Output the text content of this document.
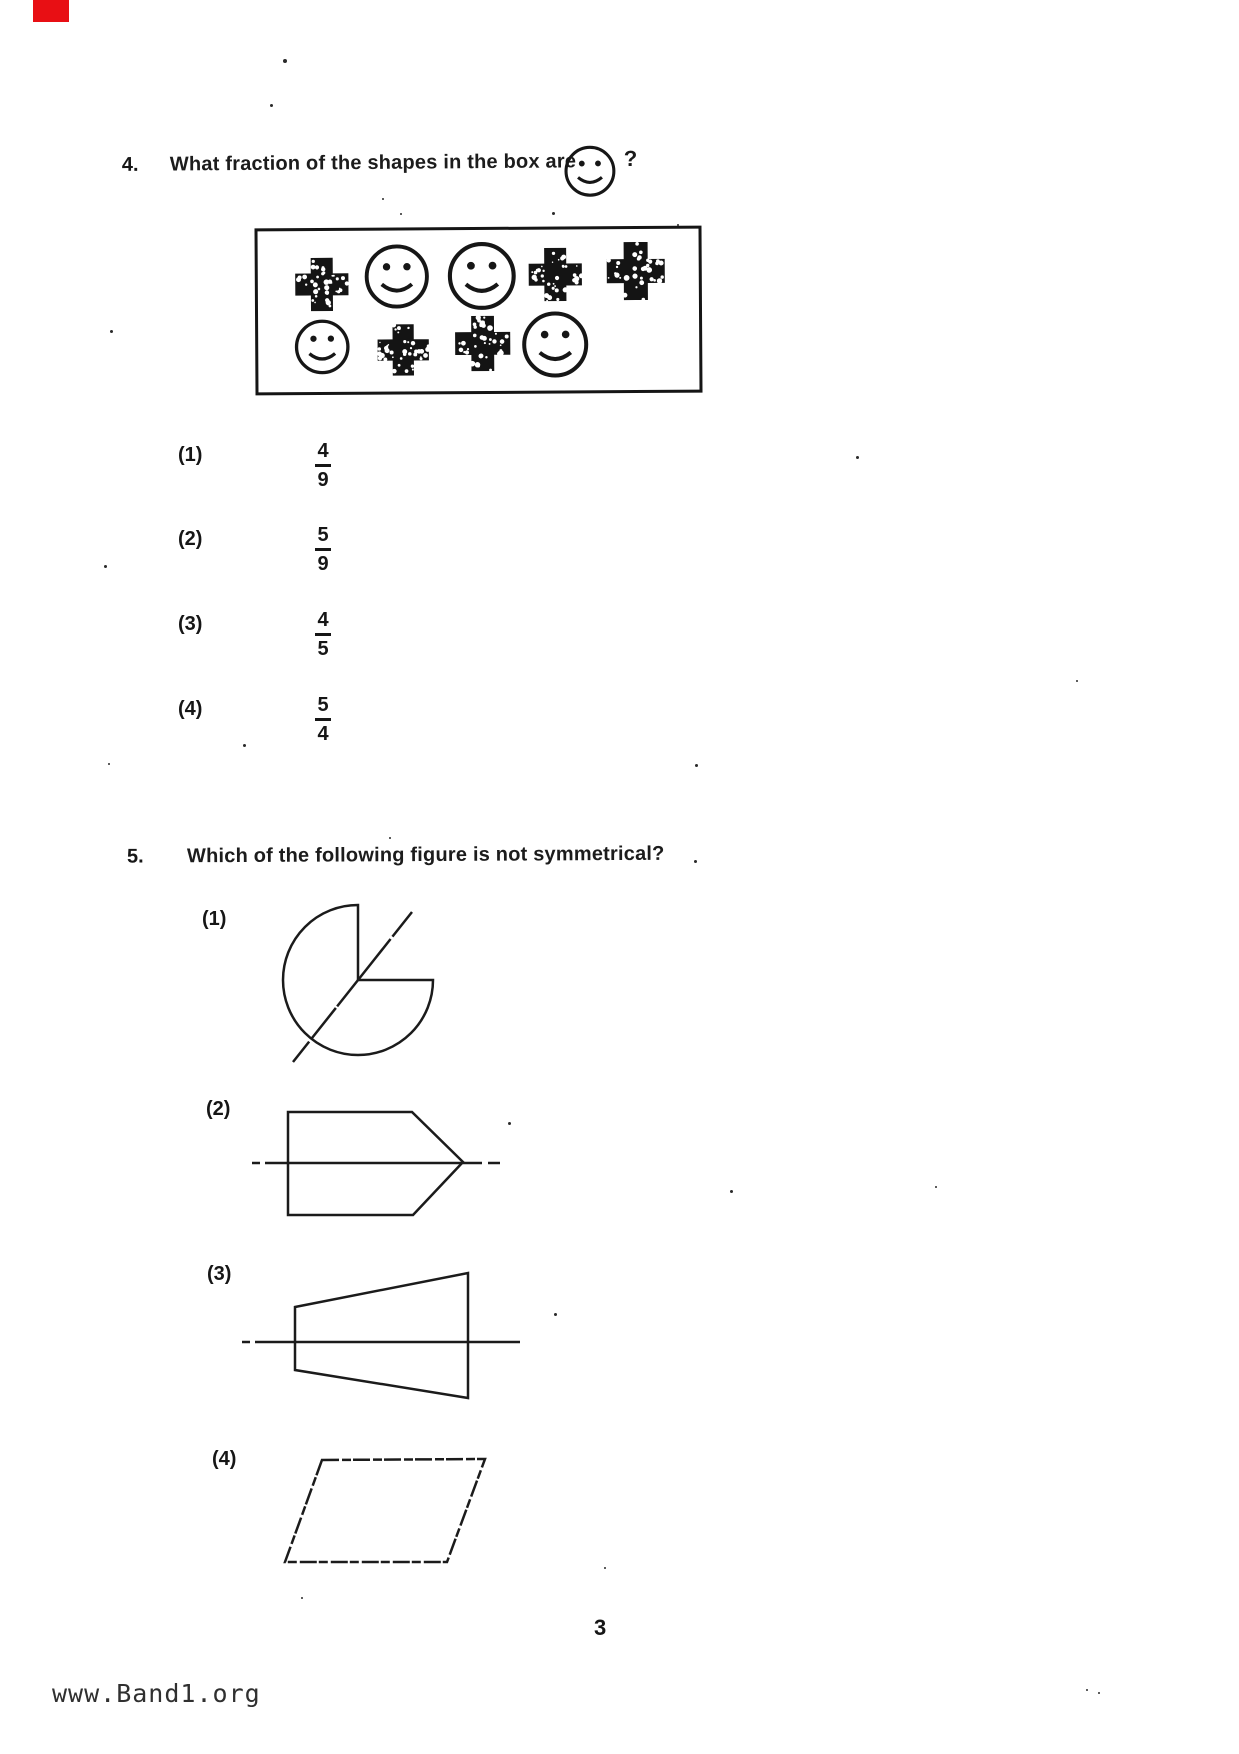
4. What fraction of the shapes in the box are ?
(1)	4
9
(2)	5
9
(3)	4
5
(4)	5
4
5. Which of the following figure is not symmetrical?
(1)
(2)
(3)
(4)
3
www.Band1.org
